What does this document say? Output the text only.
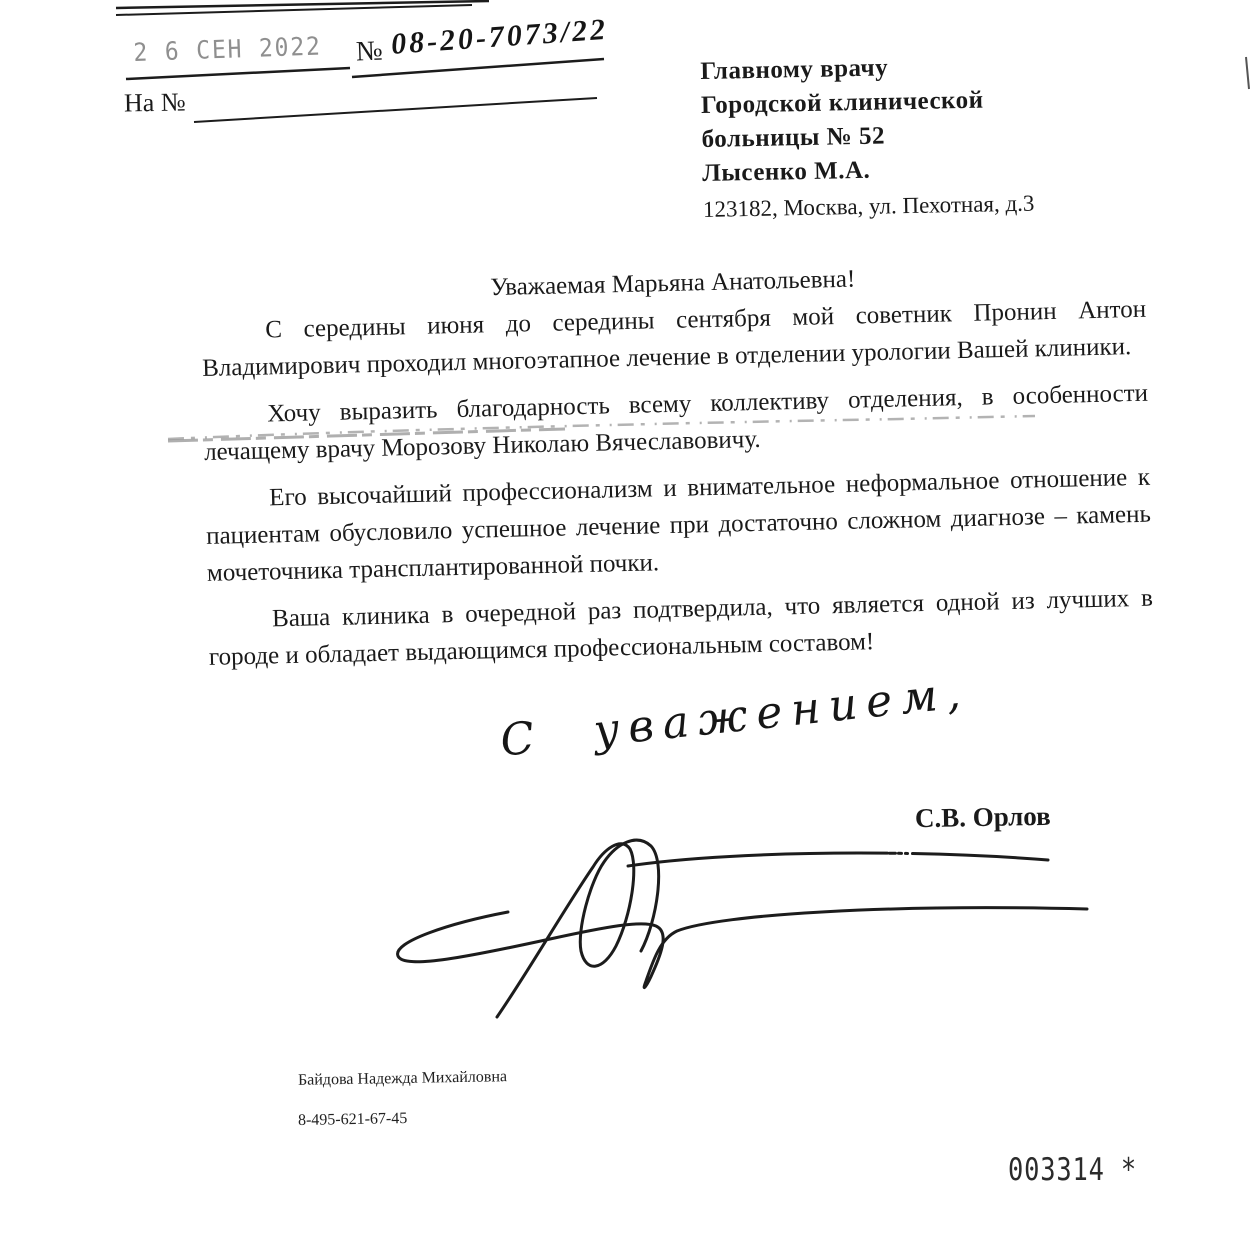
2 6 СЕН 2022 № 08-20-7073/22
На №
Главному врачу
Городской клинической
больницы № 52
Лысенко М.А.
123182, Москва, ул. Пехотная, д.3
Уважаемая Марьяна Анатольевна!

С середины июня до середины сентября мой советник Пронин Антон Владимирович проходил многоэтапное лечение в отделении урологии Вашей клиники.

Хочу выразить благодарность всему коллективу отделения, в особенности лечащему врачу Морозову Николаю Вячеславовичу.

Его высочайший профессионализм и внимательное неформальное отношение к пациентам обусловило успешное лечение при достаточно сложном диагнозе – камень мочеточника трансплантированной почки.

Ваша клиника в очередной раз подтвердила, что является одной из лучших в городе и обладает выдающимся профессиональным составом!

С уважением,
С.В. Орлов
Байдова Надежда Михайловна
8-495-621-67-45
003314 *
